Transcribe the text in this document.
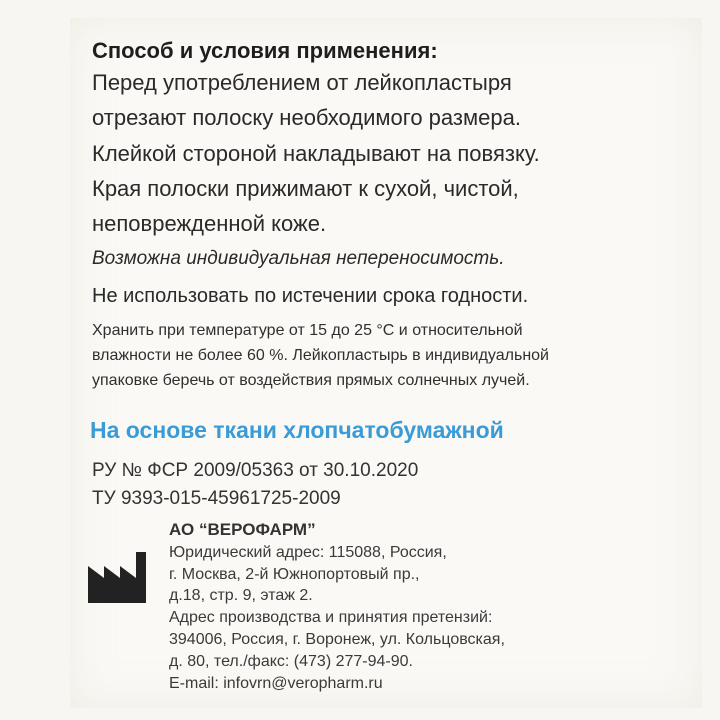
Способ и условия применения:

Перед употреблением от лейкопластыря

отрезают полоску необходимого размера.

Клейкой стороной накладывают на повязку.

Края полоски прижимают к сухой, чистой,

неповрежденной коже.

Возможна индивидуальная непереносимость.

Не использовать по истечении срока годности.

Хранить при температуре от 15 до 25 °С и относительной

влажности не более 60 %. Лейкопластырь в индивидуальной

упаковке беречь от воздействия прямых солнечных лучей.

На основе ткани хлопчатобумажной

РУ № ФСР 2009/05363 от 30.10.2020

ТУ 9393-015-45961725-2009

АО “ВЕРОФАРМ”

Юридический адрес: 115088, Россия,

г. Москва, 2-й Южнопортовый пр.,

д.18, стр. 9, этаж 2.

Адрес производства и принятия претензий:

394006, Россия, г. Воронеж, ул. Кольцовская,

д. 80, тел./факс: (473) 277-94-90.

E-mail: infovrn@veropharm.ru
